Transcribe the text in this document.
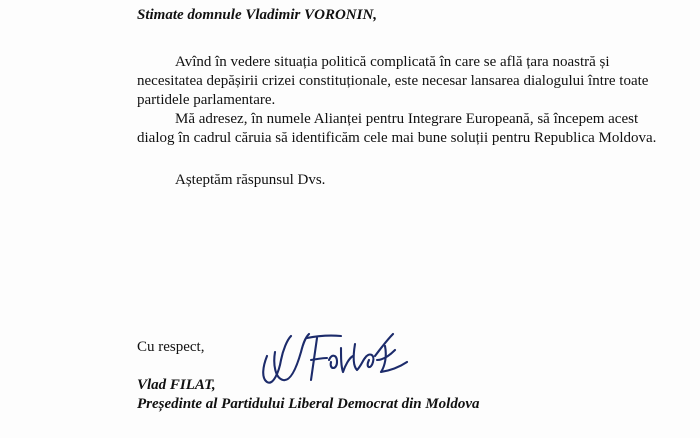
Stimate domnule Vladimir VORONIN,

Avînd în vedere situația politică complicată în care se află țara noastră și necesitatea depășirii crizei constituționale, este necesar lansarea dialogului între toate partidele parlamentare.

Mă adresez, în numele Alianței pentru Integrare Europeană, să începem acest dialog în cadrul căruia să identificăm cele mai bune soluții pentru Republica Moldova.

Așteptăm răspunsul Dvs.

Cu respect,
Vlad FILAT,
Președinte al Partidului Liberal Democrat din Moldova
